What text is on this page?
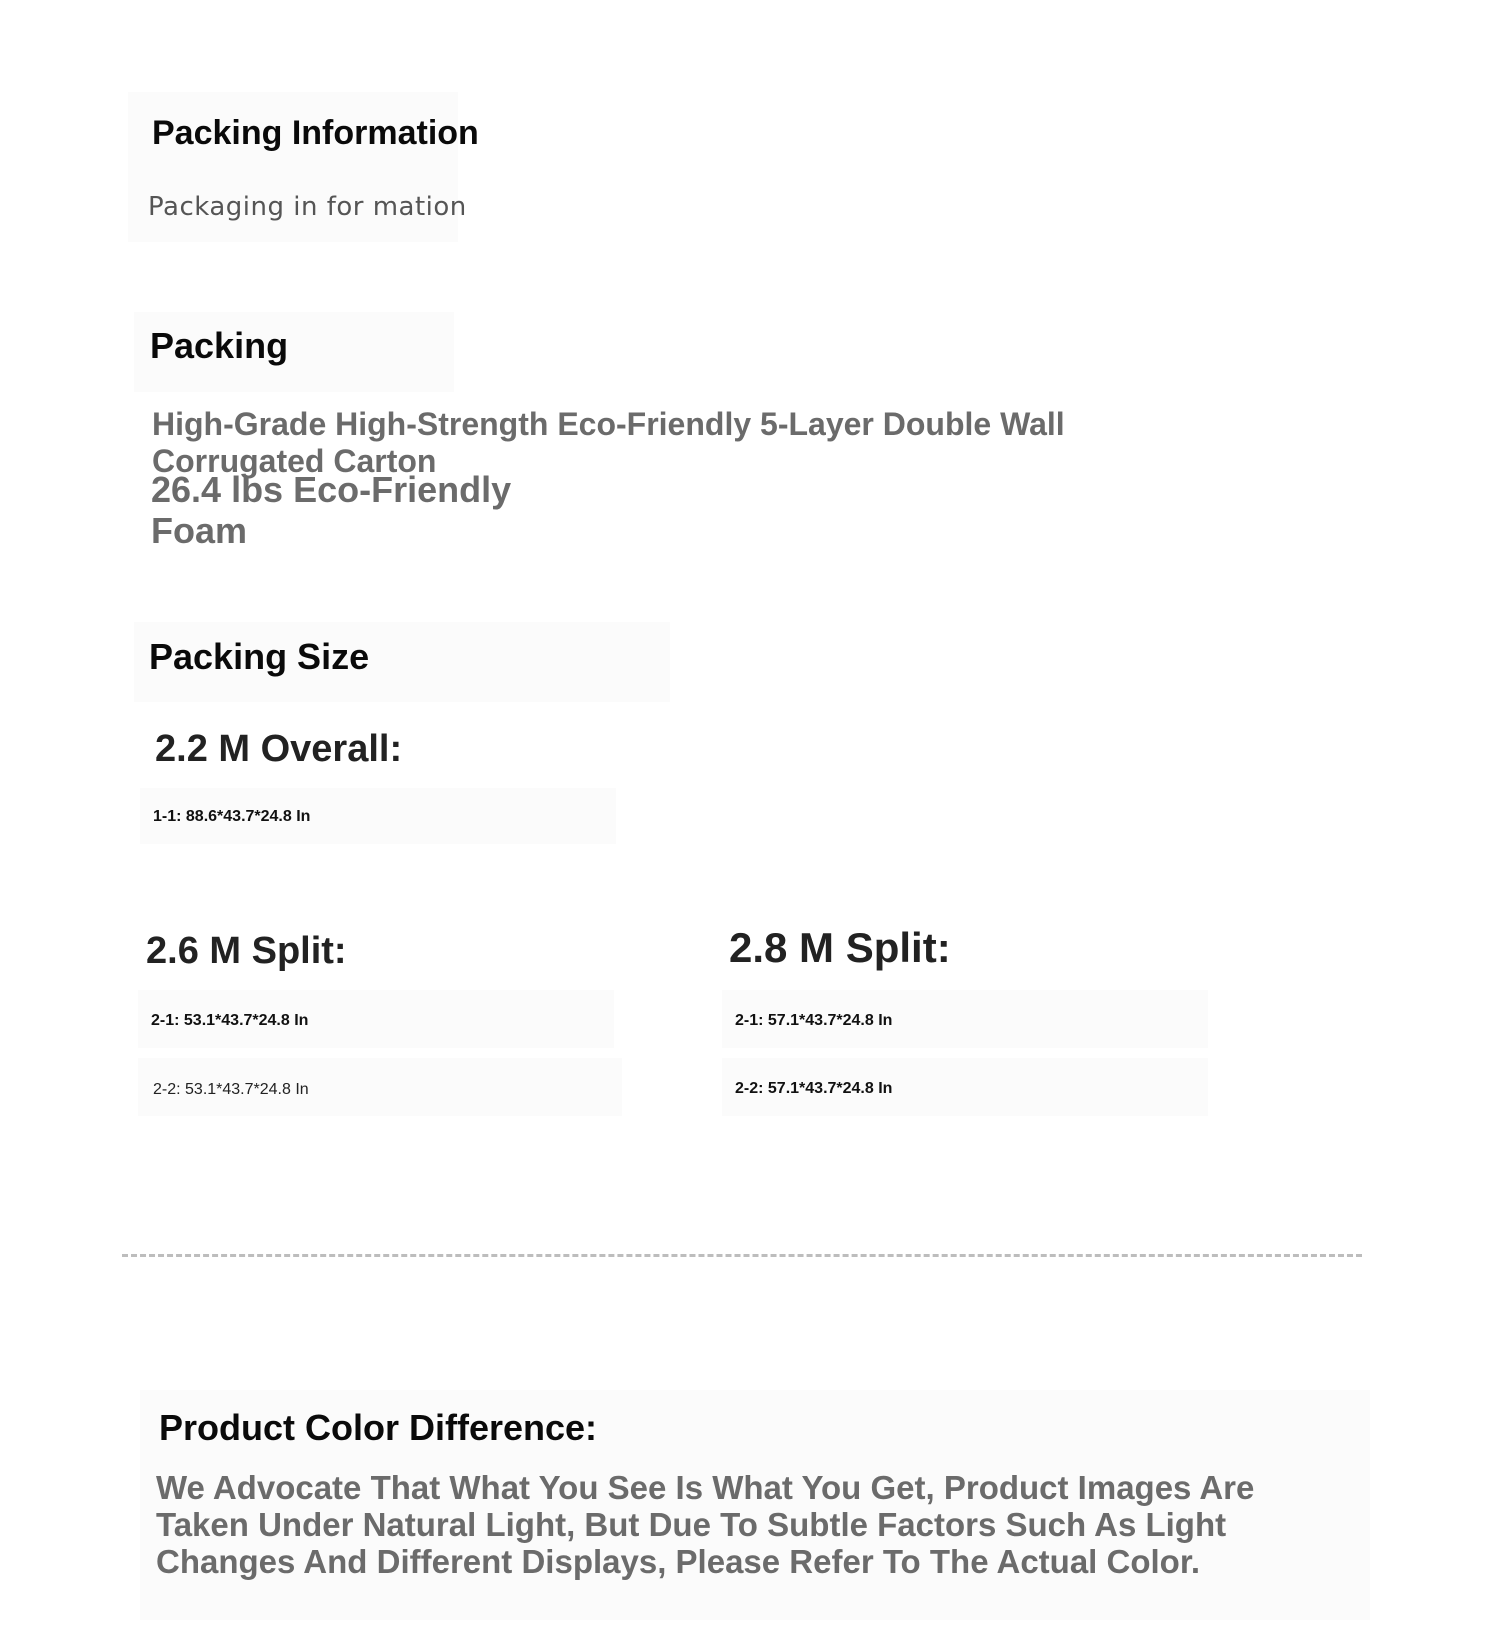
Packing Information
Packaging in for mation
Packing
High-Grade High-Strength Eco-Friendly 5-Layer Double Wall Corrugated Carton
26.4 lbs Eco-Friendly
Foam
Packing Size
2.2 M Overall:
1-1: 88.6*43.7*24.8 In
2.6 M Split:
2-1: 53.1*43.7*24.8 In
2-2: 53.1*43.7*24.8 In
2.8 M Split:
2-1: 57.1*43.7*24.8 In
2-2: 57.1*43.7*24.8 In
Product Color Difference:
We Advocate That What You See Is What You Get, Product Images Are Taken Under Natural Light, But Due To Subtle Factors Such As Light Changes And Different Displays, Please Refer To The Actual Color.
